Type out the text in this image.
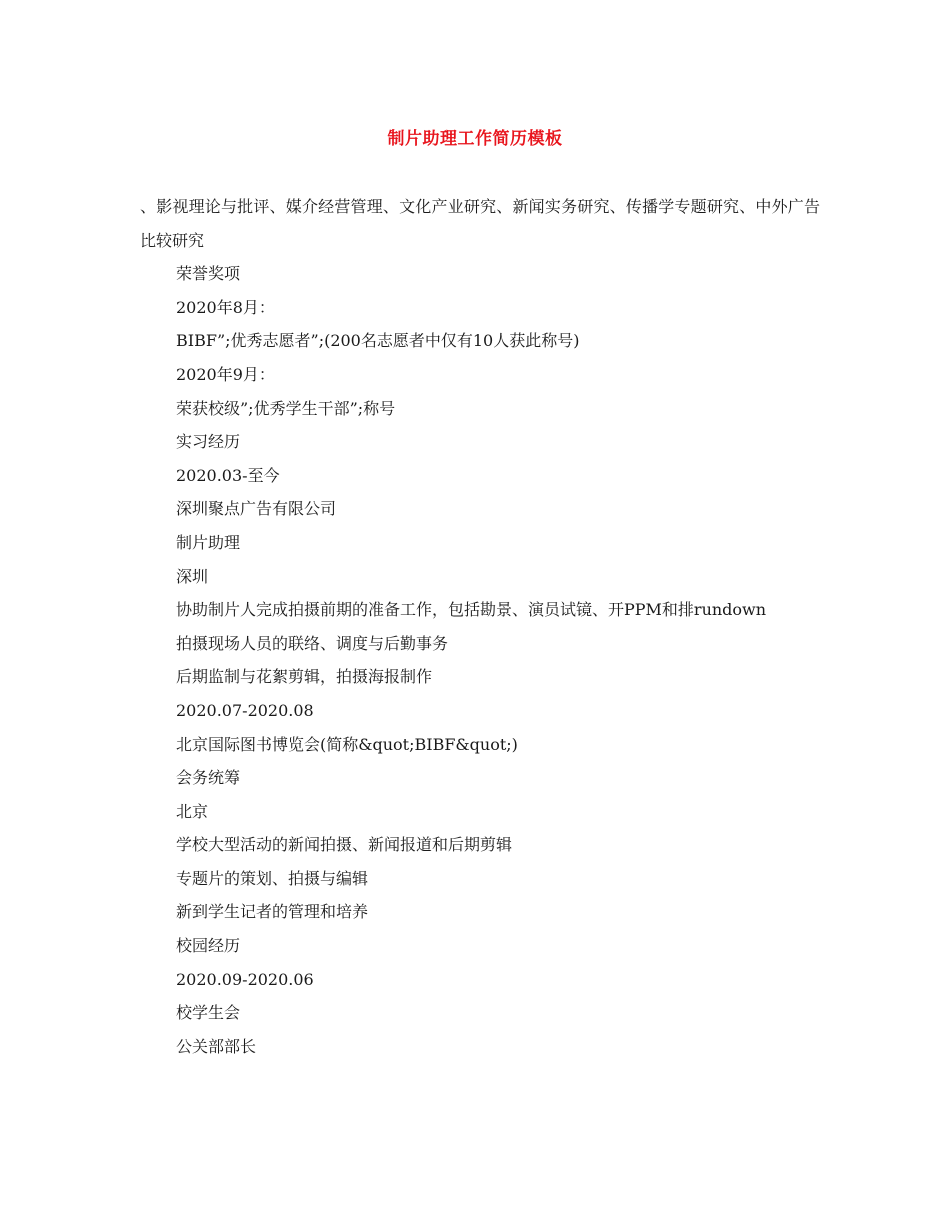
制片助理工作简历模板
、影视理论与批评、媒介经营管理、文化产业研究、新闻实务研究、传播学专题研究、中外广告比较研究
荣誉奖项
2020年8月：
BIBF”;优秀志愿者”;(200名志愿者中仅有10人获此称号)
2020年9月：
荣获校级”;优秀学生干部”;称号
实习经历
2020.03-至今
深圳聚点广告有限公司
制片助理
深圳
协助制片人完成拍摄前期的准备工作，包括勘景、演员试镜、开PPM和排rundown
拍摄现场人员的联络、调度与后勤事务
后期监制与花絮剪辑，拍摄海报制作
2020.07-2020.08
北京国际图书博览会(简称&quot;BIBF&quot;)
会务统筹
北京
学校大型活动的新闻拍摄、新闻报道和后期剪辑
专题片的策划、拍摄与编辑
新到学生记者的管理和培养
校园经历
2020.09-2020.06
校学生会
公关部部长
